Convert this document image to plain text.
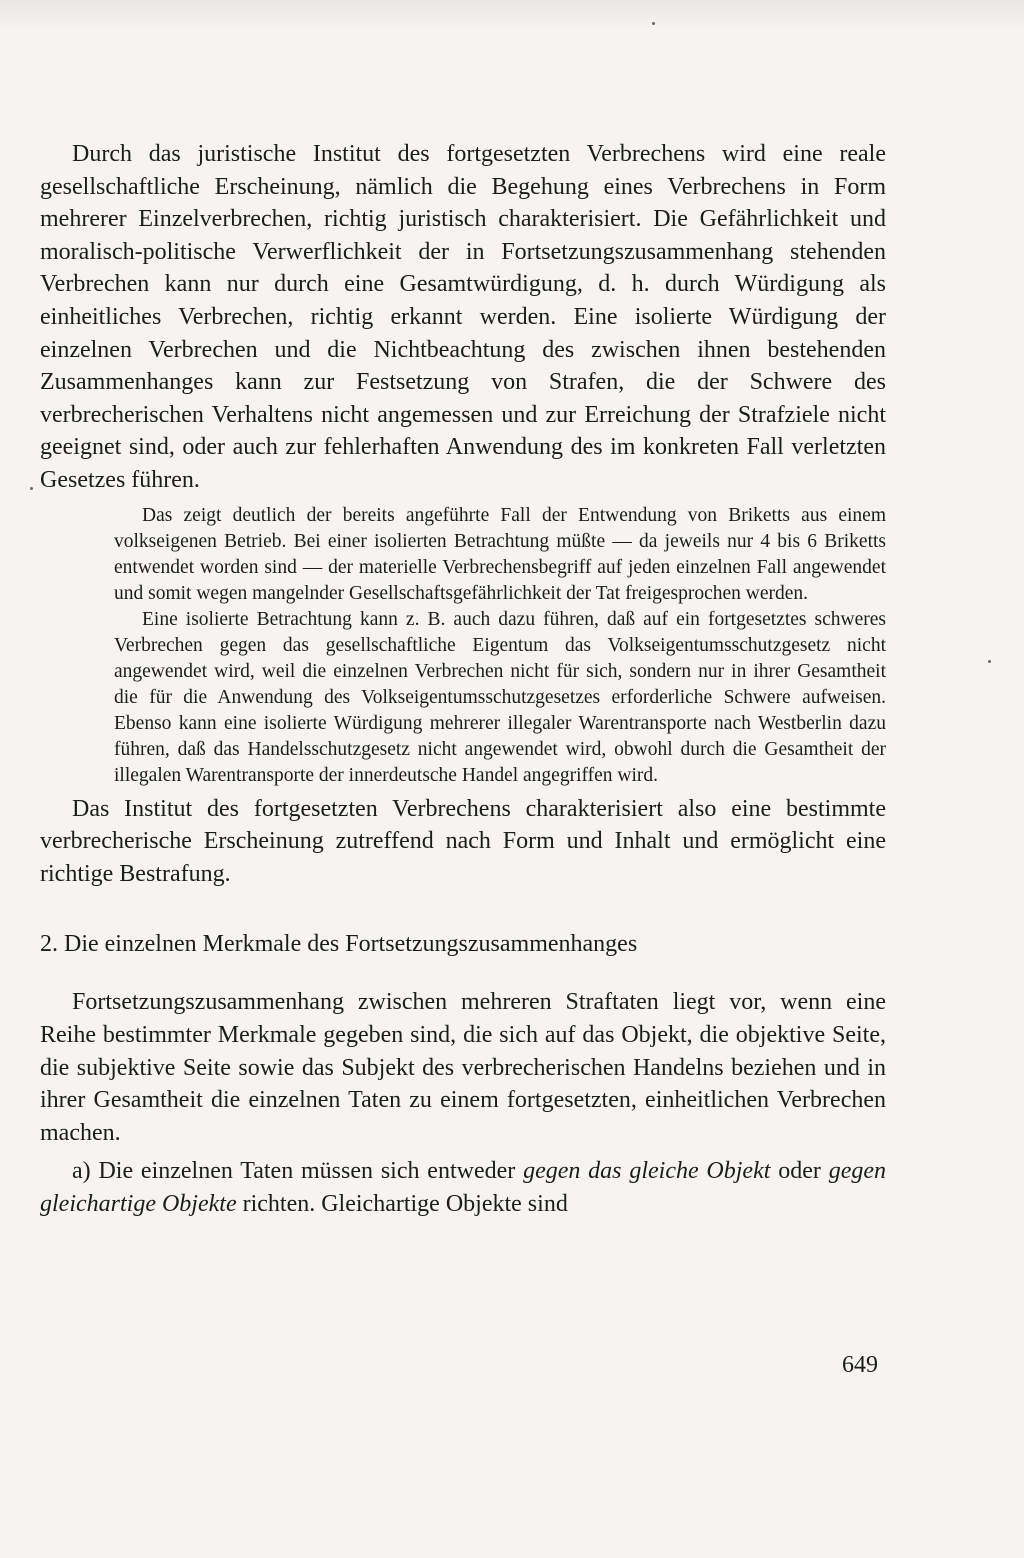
Durch das juristische Institut des fortgesetzten Verbrechens wird eine reale gesellschaftliche Erscheinung, nämlich die Begehung eines Verbrechens in Form mehrerer Einzelverbrechen, richtig juristisch charakterisiert. Die Gefährlichkeit und moralisch-politische Verwerflichkeit der in Fortsetzungszusammenhang stehenden Verbrechen kann nur durch eine Gesamtwürdigung, d. h. durch Würdigung als einheitliches Verbrechen, richtig erkannt werden. Eine isolierte Würdigung der einzelnen Verbrechen und die Nichtbeachtung des zwischen ihnen bestehenden Zusammenhanges kann zur Festsetzung von Strafen, die der Schwere des verbrecherischen Verhaltens nicht angemessen und zur Erreichung der Strafziele nicht geeignet sind, oder auch zur fehlerhaften Anwendung des im konkreten Fall verletzten Gesetzes führen.

Das zeigt deutlich der bereits angeführte Fall der Entwendung von Briketts aus einem volkseigenen Betrieb. Bei einer isolierten Betrachtung müßte — da jeweils nur 4 bis 6 Briketts entwendet worden sind — der materielle Verbrechensbegriff auf jeden einzelnen Fall angewendet und somit wegen mangelnder Gesellschaftsgefährlichkeit der Tat freigesprochen werden.

Eine isolierte Betrachtung kann z. B. auch dazu führen, daß auf ein fortgesetztes schweres Verbrechen gegen das gesellschaftliche Eigentum das Volkseigentumsschutzgesetz nicht angewendet wird, weil die einzelnen Verbrechen nicht für sich, sondern nur in ihrer Gesamtheit die für die Anwendung des Volkseigentumsschutzgesetzes erforderliche Schwere aufweisen. Ebenso kann eine isolierte Würdigung mehrerer illegaler Warentransporte nach Westberlin dazu führen, daß das Handelsschutzgesetz nicht angewendet wird, obwohl durch die Gesamtheit der illegalen Warentransporte der innerdeutsche Handel angegriffen wird.

Das Institut des fortgesetzten Verbrechens charakterisiert also eine bestimmte verbrecherische Erscheinung zutreffend nach Form und Inhalt und ermöglicht eine richtige Bestrafung.

2. Die einzelnen Merkmale des Fortsetzungszusammenhanges

Fortsetzungszusammenhang zwischen mehreren Straftaten liegt vor, wenn eine Reihe bestimmter Merkmale gegeben sind, die sich auf das Objekt, die objektive Seite, die subjektive Seite sowie das Subjekt des verbrecherischen Handelns beziehen und in ihrer Gesamtheit die einzelnen Taten zu einem fortgesetzten, einheitlichen Verbrechen machen.

a) Die einzelnen Taten müssen sich entweder gegen das gleiche Objekt oder gegen gleichartige Objekte richten. Gleichartige Objekte sind

649
